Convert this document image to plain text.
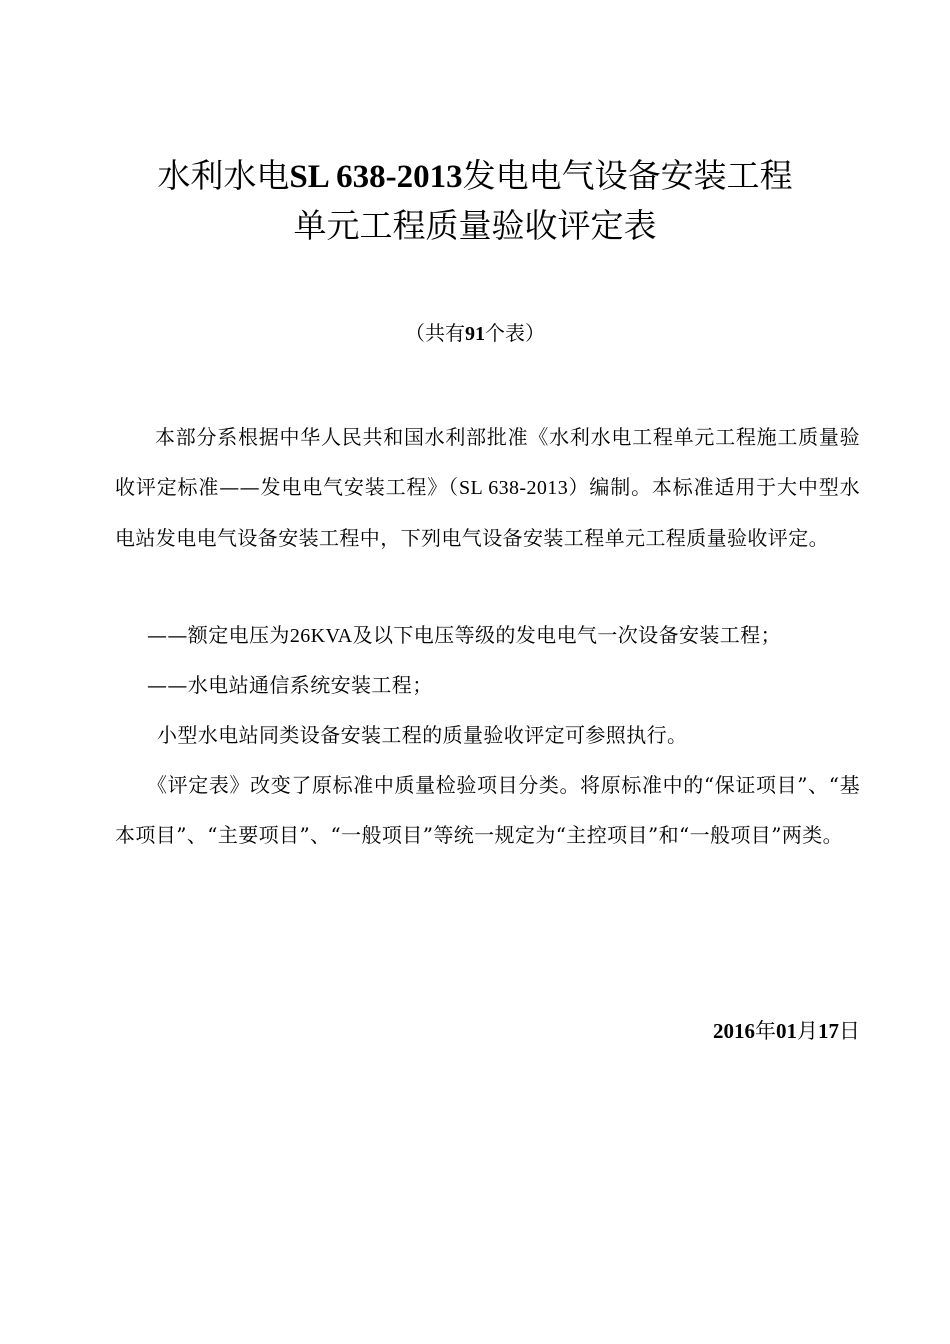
水利水电SL 638-2013发电电气设备安装工程
单元工程质量验收评定表
（共有91个表）

本部分系根据中华人民共和国水利部批准《水利水电工程单元工程施工质量验收评定标准——发电电气安装工程》（SL 638-2013）编制。本标准适用于大中型水电站发电电气设备安装工程中，下列电气设备安装工程单元工程质量验收评定。

——额定电压为26KVA及以下电压等级的发电电气一次设备安装工程；

——水电站通信系统安装工程；

小型水电站同类设备安装工程的质量验收评定可参照执行。

《评定表》改变了原标准中质量检验项目分类。将原标准中的“保证项目”、“基本项目”、“主要项目”、“一般项目”等统一规定为“主控项目”和“一般项目”两类。

2016年01月17日
